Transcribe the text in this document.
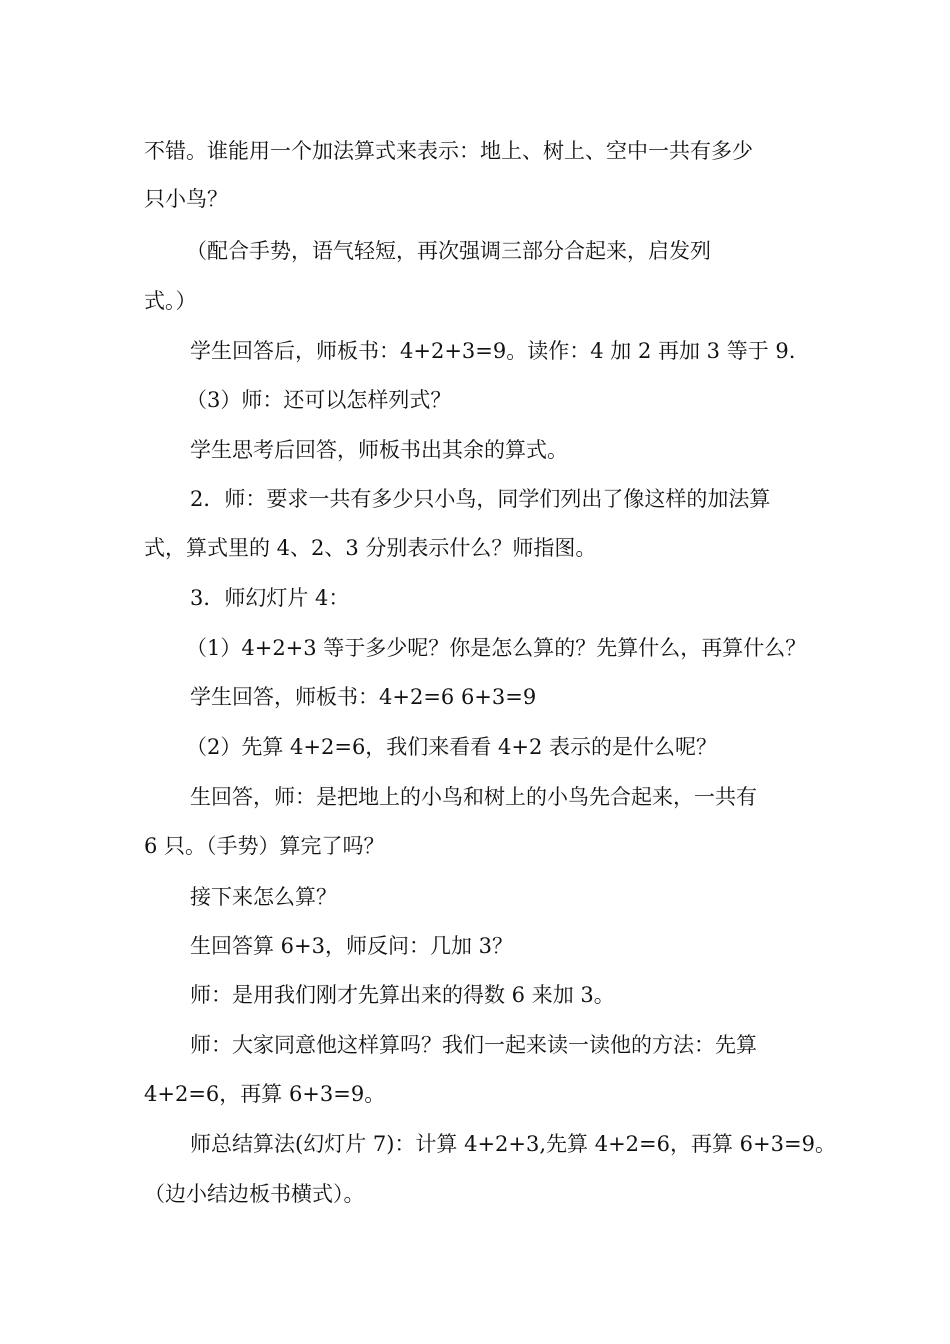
不错。谁能用一个加法算式来表示：地上、树上、空中一共有多少
只小鸟？
（配合手势，语气轻短，再次强调三部分合起来，启发列
式。）
学生回答后，师板书：4+2+3=9。读作：4 加 2 再加 3 等于 9.
（3）师：还可以怎样列式？
学生思考后回答，师板书出其余的算式。
2．师：要求一共有多少只小鸟，同学们列出了像这样的加法算
式，算式里的 4、2、3 分别表示什么？师指图。
3．师幻灯片 4：
（1）4+2+3 等于多少呢？你是怎么算的？先算什么，再算什么？
学生回答，师板书：4+2=6 6+3=9
（2）先算 4+2=6，我们来看看 4+2 表示的是什么呢？
生回答，师：是把地上的小鸟和树上的小鸟先合起来，一共有
6 只。（手势）算完了吗？
接下来怎么算？
生回答算 6+3，师反问：几加 3？
师：是用我们刚才先算出来的得数 6 来加 3。
师：大家同意他这样算吗？我们一起来读一读他的方法：先算
4+2=6，再算 6+3=9。
师总结算法(幻灯片 7)：计算 4+2+3,先算 4+2=6，再算 6+3=9。
（边小结边板书横式）。
